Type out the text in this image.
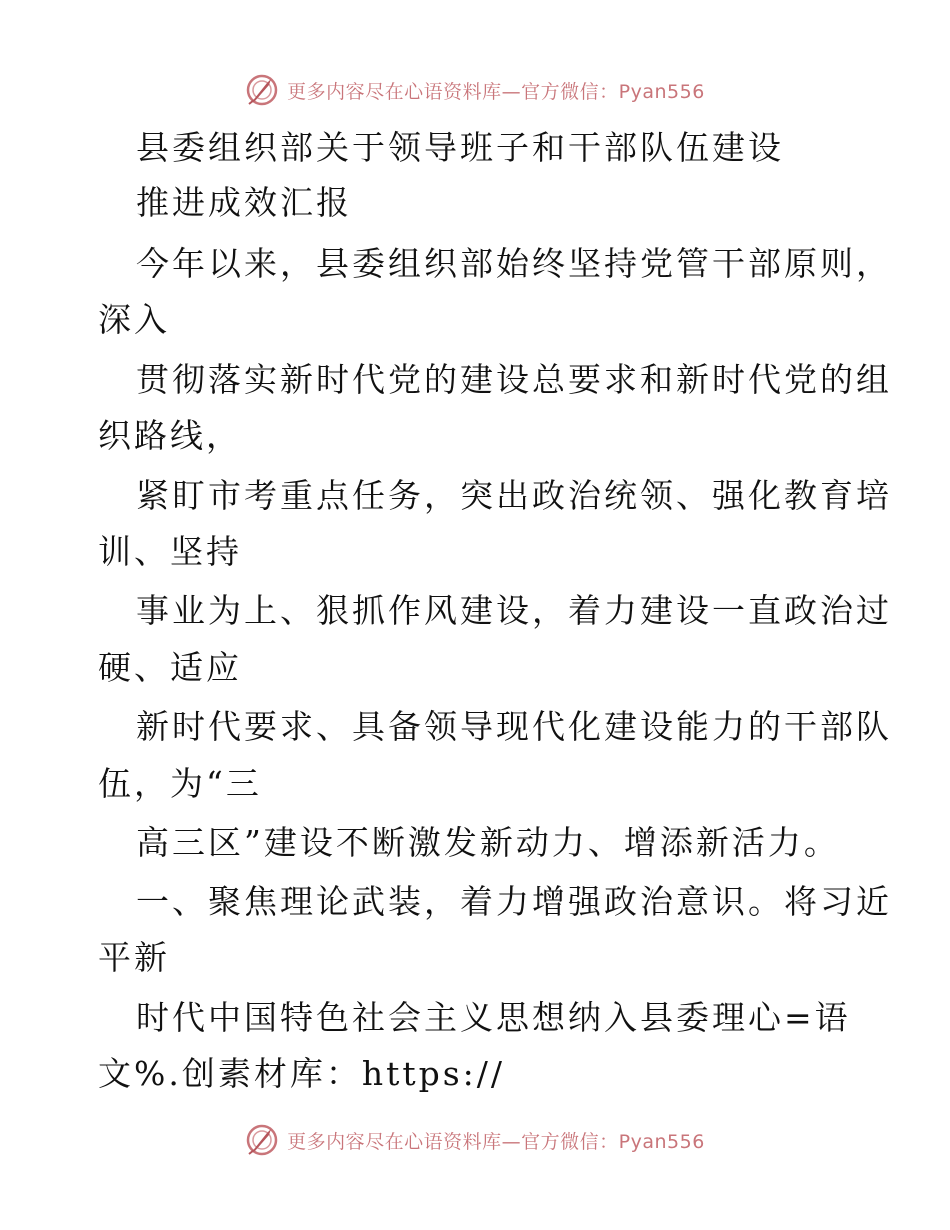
更多内容尽在心语资料库—官方微信：Pyan556
县委组织部关于领导班子和干部队伍建设
推进成效汇报
今年以来，县委组织部始终坚持党管干部原则，
深入
贯彻落实新时代党的建设总要求和新时代党的组
织路线，
紧盯市考重点任务，突出政治统领、强化教育培
训、坚持
事业为上、狠抓作风建设，着力建设一直政治过
硬、适应
新时代要求、具备领导现代化建设能力的干部队
伍，为“三
高三区”建设不断激发新动力、增添新活力。
一、聚焦理论武装，着力增强政治意识。将习近
平新
时代中国特色社会主义思想纳入县委理心=语
文%.创素材库：https://
更多内容尽在心语资料库—官方微信：Pyan556
